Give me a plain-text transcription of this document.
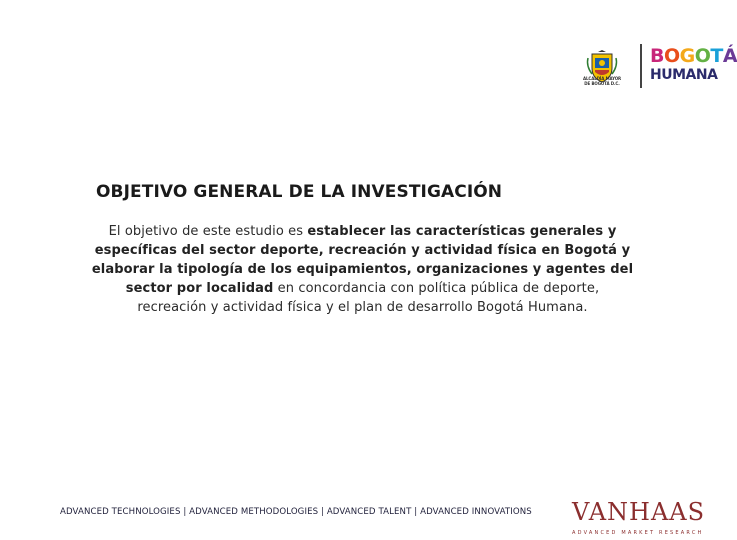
ALCALDÍA MAYOR DE BOGOTÁ D.C.
BOGOTÁ
HUMANA
OBJETIVO GENERAL DE LA INVESTIGACIÓN
El objetivo de este estudio es establecer las características generales y específicas del sector deporte, recreación y actividad física en Bogotá y elaborar la tipología de los equipamientos, organizaciones y agentes del sector por localidad en concordancia con política pública de deporte, recreación y actividad física y el plan de desarrollo Bogotá Humana.
ADVANCED TECHNOLOGIES | ADVANCED METHODOLOGIES | ADVANCED TALENT | ADVANCED INNOVATIONS VANHAAS
ADVANCED MARKET RESEARCH
